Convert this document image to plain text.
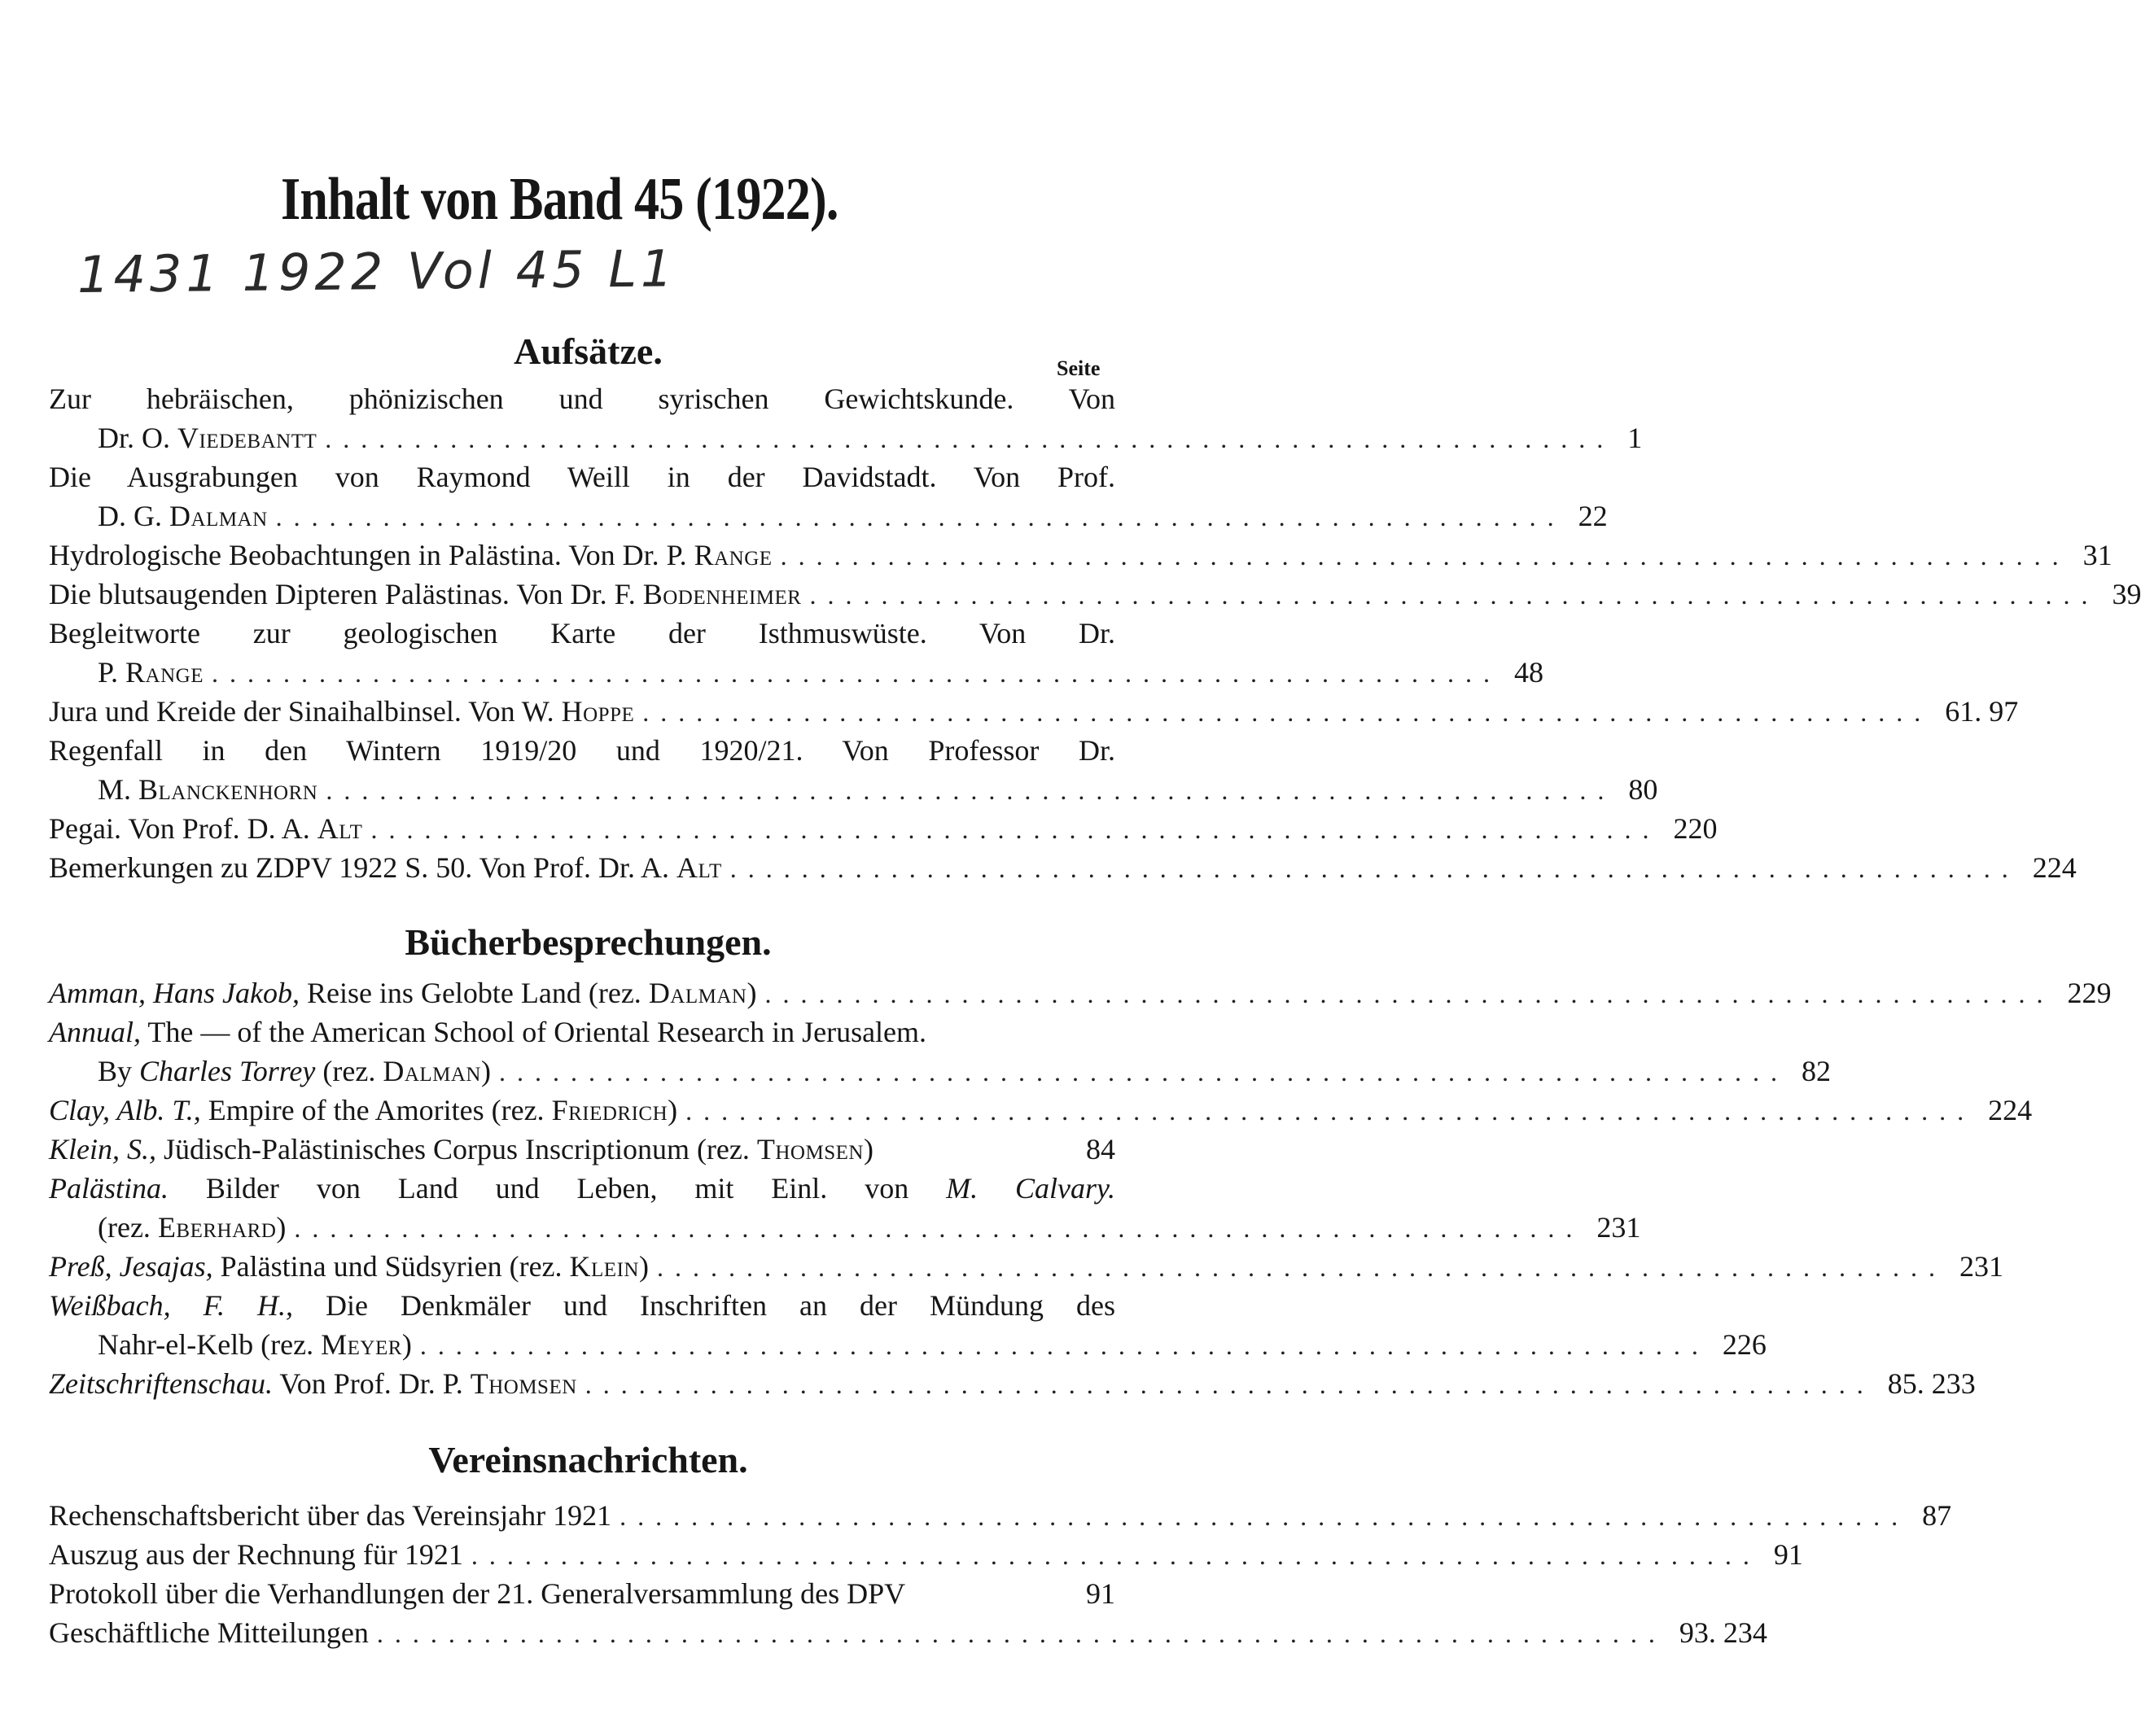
Inhalt von Band 45 (1922).
1431 1922 Vol 45 L1
Aufsätze.	Seite
Zur hebräischen, phönizischen und syrischen Gewichtskunde. Von
Dr. O. Viedebantt ........................................................................ 1
Die Ausgrabungen von Raymond Weill in der Davidstadt. Von Prof.
D. G. Dalman ........................................................................ 22
Hydrologische Beobachtungen in Palästina. Von Dr. P. Range ........................................................................ 31
Die blutsaugenden Dipteren Palästinas. Von Dr. F. Bodenheimer ........................................................................ 39
Begleitworte zur geologischen Karte der Isthmuswüste. Von Dr.
P. Range ........................................................................ 48
Jura und Kreide der Sinaihalbinsel. Von W. Hoppe ........................................................................ 61. 97
Regenfall in den Wintern 1919/20 und 1920/21. Von Professor Dr.
M. Blanckenhorn ........................................................................ 80
Pegai. Von Prof. D. A. Alt ........................................................................ 220
Bemerkungen zu ZDPV 1922 S. 50. Von Prof. Dr. A. Alt ........................................................................ 224
Bücherbesprechungen.
Amman, Hans Jakob, Reise ins Gelobte Land (rez. Dalman) ........................................................................ 229
Annual, The — of the American School of Oriental Research in Jerusalem.
By Charles Torrey (rez. Dalman) ........................................................................ 82
Clay, Alb. T., Empire of the Amorites (rez. Friedrich) ........................................................................ 224
Klein, S., Jüdisch-Palästinisches Corpus Inscriptionum (rez. Thomsen)	84
Palästina. Bilder von Land und Leben, mit Einl. von M. Calvary.
(rez. Eberhard) ........................................................................ 231
Preß, Jesajas, Palästina und Südsyrien (rez. Klein) ........................................................................ 231
Weißbach, F. H., Die Denkmäler und Inschriften an der Mündung des
Nahr-el-Kelb (rez. Meyer) ........................................................................ 226
Zeitschriftenschau. Von Prof. Dr. P. Thomsen ........................................................................ 85. 233
Vereinsnachrichten.
Rechenschaftsbericht über das Vereinsjahr 1921 ........................................................................ 87
Auszug aus der Rechnung für 1921 ........................................................................ 91
Protokoll über die Verhandlungen der 21. Generalversammlung des DPV	91
Geschäftliche Mitteilungen ........................................................................ 93. 234
